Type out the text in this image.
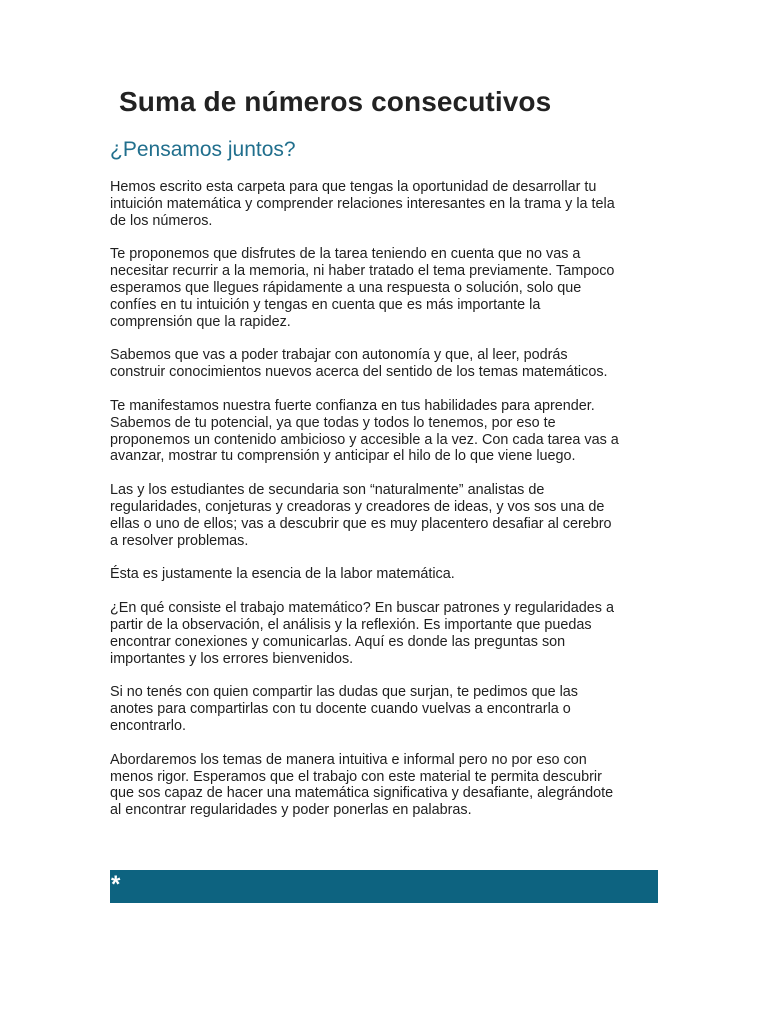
Suma de números consecutivos
¿Pensamos juntos?

Hemos escrito esta carpeta para que tengas la oportunidad de desarrollar tu
intuición matemática y comprender relaciones interesantes en la trama y la tela
de los números.

Te proponemos que disfrutes de la tarea teniendo en cuenta que no vas a
necesitar recurrir a la memoria, ni haber tratado el tema previamente. Tampoco
esperamos que llegues rápidamente a una respuesta o solución, solo que
confíes en tu intuición y tengas en cuenta que es más importante la
comprensión que la rapidez.

Sabemos que vas a poder trabajar con autonomía y que, al leer, podrás
construir conocimientos nuevos acerca del sentido de los temas matemáticos.

Te manifestamos nuestra fuerte confianza en tus habilidades para aprender.
Sabemos de tu potencial, ya que todas y todos lo tenemos, por eso te
proponemos un contenido ambicioso y accesible a la vez. Con cada tarea vas a
avanzar, mostrar tu comprensión y anticipar el hilo de lo que viene luego.

Las y los estudiantes de secundaria son “naturalmente” analistas de
regularidades, conjeturas y creadoras y creadores de ideas, y vos sos una de
ellas o uno de ellos; vas a descubrir que es muy placentero desafiar al cerebro
a resolver problemas.

Ésta es justamente la esencia de la labor matemática.

¿En qué consiste el trabajo matemático? En buscar patrones y regularidades a
partir de la observación, el análisis y la reflexión. Es importante que puedas
encontrar conexiones y comunicarlas. Aquí es donde las preguntas son
importantes y los errores bienvenidos.

Si no tenés con quien compartir las dudas que surjan, te pedimos que las
anotes para compartirlas con tu docente cuando vuelvas a encontrarla o
encontrarlo.

Abordaremos los temas de manera intuitiva e informal pero no por eso con
menos rigor. Esperamos que el trabajo con este material te permita descubrir
que sos capaz de hacer una matemática significativa y desafiante, alegrándote
al encontrar regularidades y poder ponerlas en palabras.

*
